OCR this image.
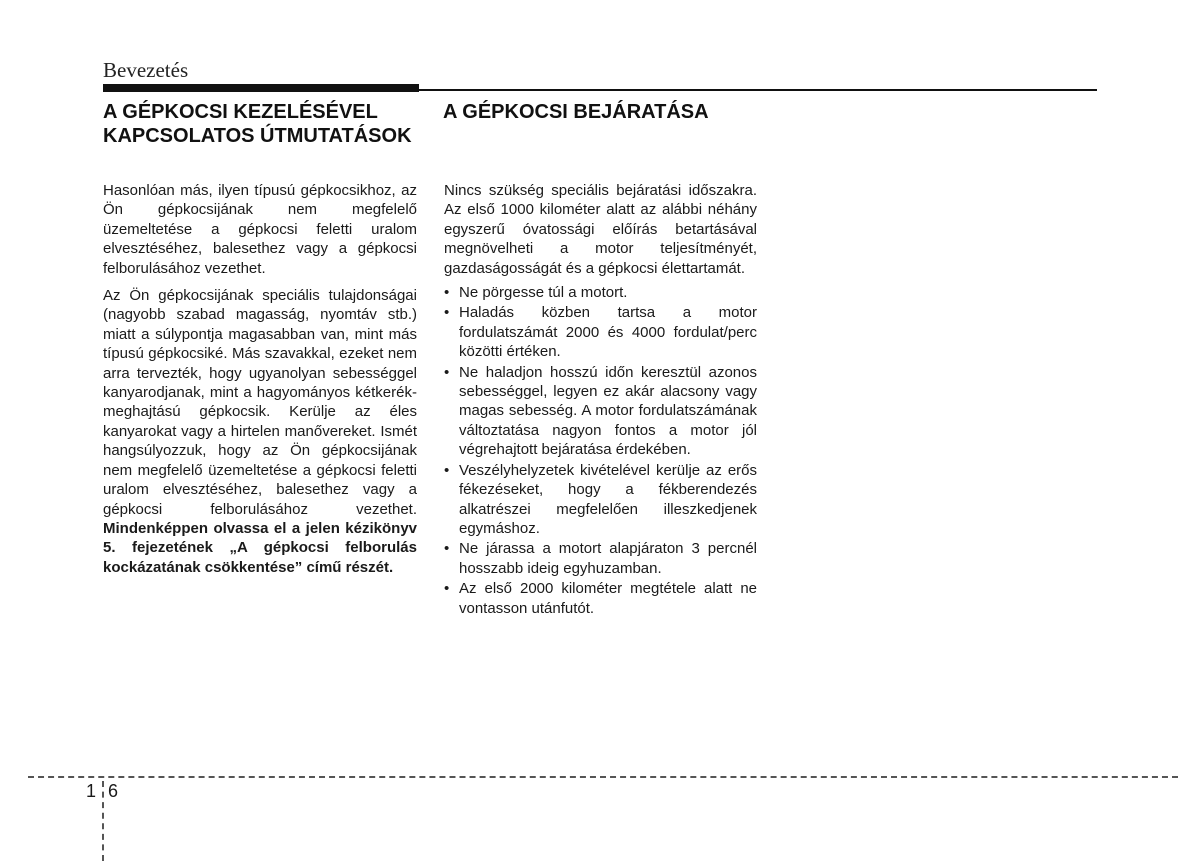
Bevezetés
A GÉPKOCSI KEZELÉSÉVEL KAPCSOLATOS ÚTMUTATÁSOK
A GÉPKOCSI BEJÁRATÁSA

Hasonlóan más, ilyen típusú gépkocsikhoz, az Ön gépkocsijának nem megfelelő üzemeltetése a gépkocsi feletti uralom elvesztéséhez, balesethez vagy a gépkocsi felborulásához vezethet.

Az Ön gépkocsijának speciális tulajdonságai (nagyobb szabad magasság, nyomtáv stb.) miatt a súlypontja magasabban van, mint más típusú gépkocsiké. Más szavakkal, ezeket nem arra tervezték, hogy ugyanolyan sebességgel kanyarodjanak, mint a hagyományos kétkerék-meghajtású gépkocsik. Kerülje az éles kanyarokat vagy a hirtelen manővereket. Ismét hangsúlyozzuk, hogy az Ön gépkocsijának nem megfelelő üzemeltetése a gépkocsi feletti uralom elvesztéséhez, balesethez vagy a gépkocsi felborulásához vezethet. Mindenképpen olvassa el a jelen kézikönyv 5. fejezetének „A gépkocsi felborulás kockázatának csökkentése” című részét.

Nincs szükség speciális bejáratási időszakra. Az első 1000 kilométer alatt az alábbi néhány egyszerű óvatossági előírás betartásával megnövelheti a motor teljesítményét, gazdaságosságát és a gépkocsi élettartamát.

• Ne pörgesse túl a motort.
• Haladás közben tartsa a motor fordulatszámát 2000 és 4000 fordulat/perc közötti értéken.
• Ne haladjon hosszú időn keresztül azonos sebességgel, legyen ez akár alacsony vagy magas sebesség. A motor fordulatszámának változtatása nagyon fontos a motor jól végrehajtott bejáratása érdekében.
• Veszélyhelyzetek kivételével kerülje az erős fékezéseket, hogy a fékberendezés alkatrészei megfelelően illeszkedjenek egymáshoz.
• Ne járassa a motort alapjáraton 3 percnél hosszabb ideig egyhuzamban.
• Az első 2000 kilométer megtétele alatt ne vontasson utánfutót.
1 6
